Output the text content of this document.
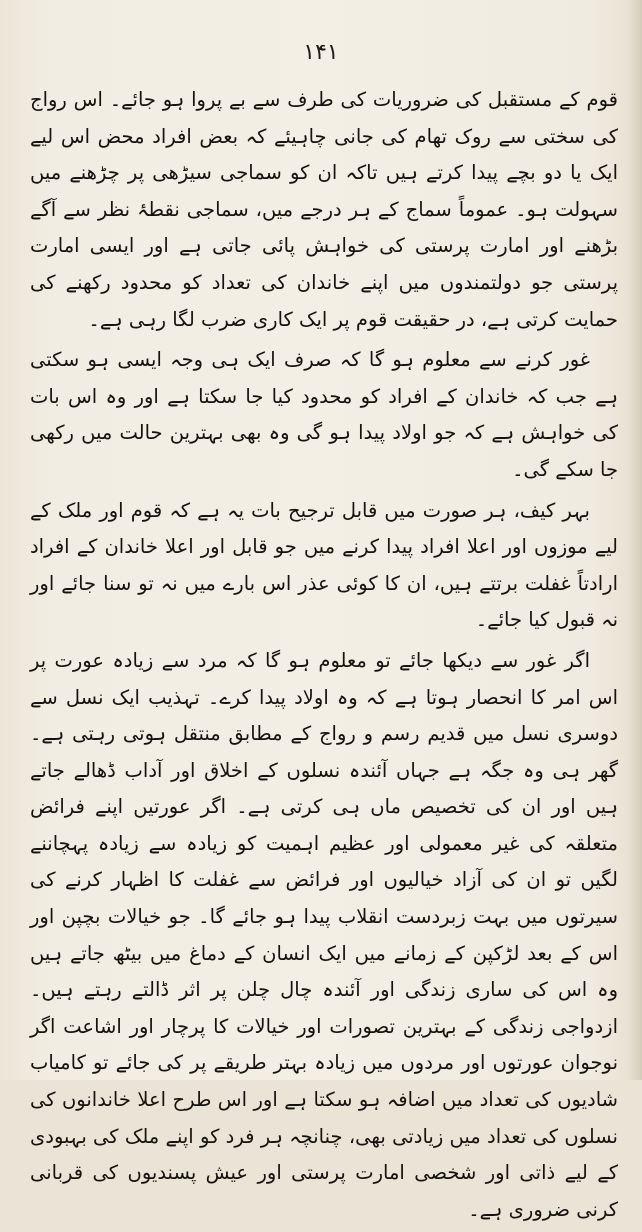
۱۴۱

قوم کے مستقبل کی ضروریات کی طرف سے بے پروا ہو جائے۔ اس رواج کی سختی سے روک تھام کی جانی چاہیئے کہ بعض افراد محض اس لیے ایک یا دو بچے پیدا کرتے ہیں تاکہ ان کو سماجی سیڑھی پر چڑھنے میں سہولت ہو۔ عموماً سماج کے ہر درجے میں، سماجی نقطۂ نظر سے آگے بڑھنے اور امارت پرستی کی خواہش پائی جاتی ہے اور ایسی امارت پرستی جو دولتمندوں میں اپنے خاندان کی تعداد کو محدود رکھنے کی حمایت کرتی ہے، در حقیقت قوم پر ایک کاری ضرب لگا رہی ہے۔

غور کرنے سے معلوم ہو گا کہ صرف ایک ہی وجہ ایسی ہو سکتی ہے جب کہ خاندان کے افراد کو محدود کیا جا سکتا ہے اور وہ اس بات کی خواہش ہے کہ جو اولاد پیدا ہو گی وہ بھی بہترین حالت میں رکھی جا سکے گی۔

بہر کیف، ہر صورت میں قابل ترجیح بات یہ ہے کہ قوم اور ملک کے لیے موزوں اور اعلا افراد پیدا کرنے میں جو قابل اور اعلا خاندان کے افراد ارادتاً غفلت برتتے ہیں، ان کا کوئی عذر اس بارے میں نہ تو سنا جائے اور نہ قبول کیا جائے۔

اگر غور سے دیکھا جائے تو معلوم ہو گا کہ مرد سے زیادہ عورت پر اس امر کا انحصار ہوتا ہے کہ وہ اولاد پیدا کرے۔ تہذیب ایک نسل سے دوسری نسل میں قدیم رسم و رواج کے مطابق منتقل ہوتی رہتی ہے۔ گھر ہی وہ جگہ ہے جہاں آئندہ نسلوں کے اخلاق اور آداب ڈھالے جاتے ہیں اور ان کی تخصیص ماں ہی کرتی ہے۔ اگر عورتیں اپنے فرائض متعلقہ کی غیر معمولی اور عظیم اہمیت کو زیادہ سے زیادہ پہچاننے لگیں تو ان کی آزاد خیالیوں اور فرائض سے غفلت کا اظہار کرنے کی سیرتوں میں بہت زبردست انقلاب پیدا ہو جائے گا۔ جو خیالات بچپن اور اس کے بعد لڑکپن کے زمانے میں ایک انسان کے دماغ میں بیٹھ جاتے ہیں وہ اس کی ساری زندگی اور آئندہ چال چلن پر اثر ڈالتے رہتے ہیں۔ ازدواجی زندگی کے بہترین تصورات اور خیالات کا پرچار اور اشاعت اگر نوجوان عورتوں اور مردوں میں زیادہ بہتر طریقے پر کی جائے تو کامیاب شادیوں کی تعداد میں اضافہ ہو سکتا ہے اور اس طرح اعلا خاندانوں کی نسلوں کی تعداد میں زیادتی بھی، چنانچہ ہر فرد کو اپنے ملک کی بہبودی کے لیے ذاتی اور شخصی امارت پرستی اور عیش پسندیوں کی قربانی کرنی ضروری ہے۔
